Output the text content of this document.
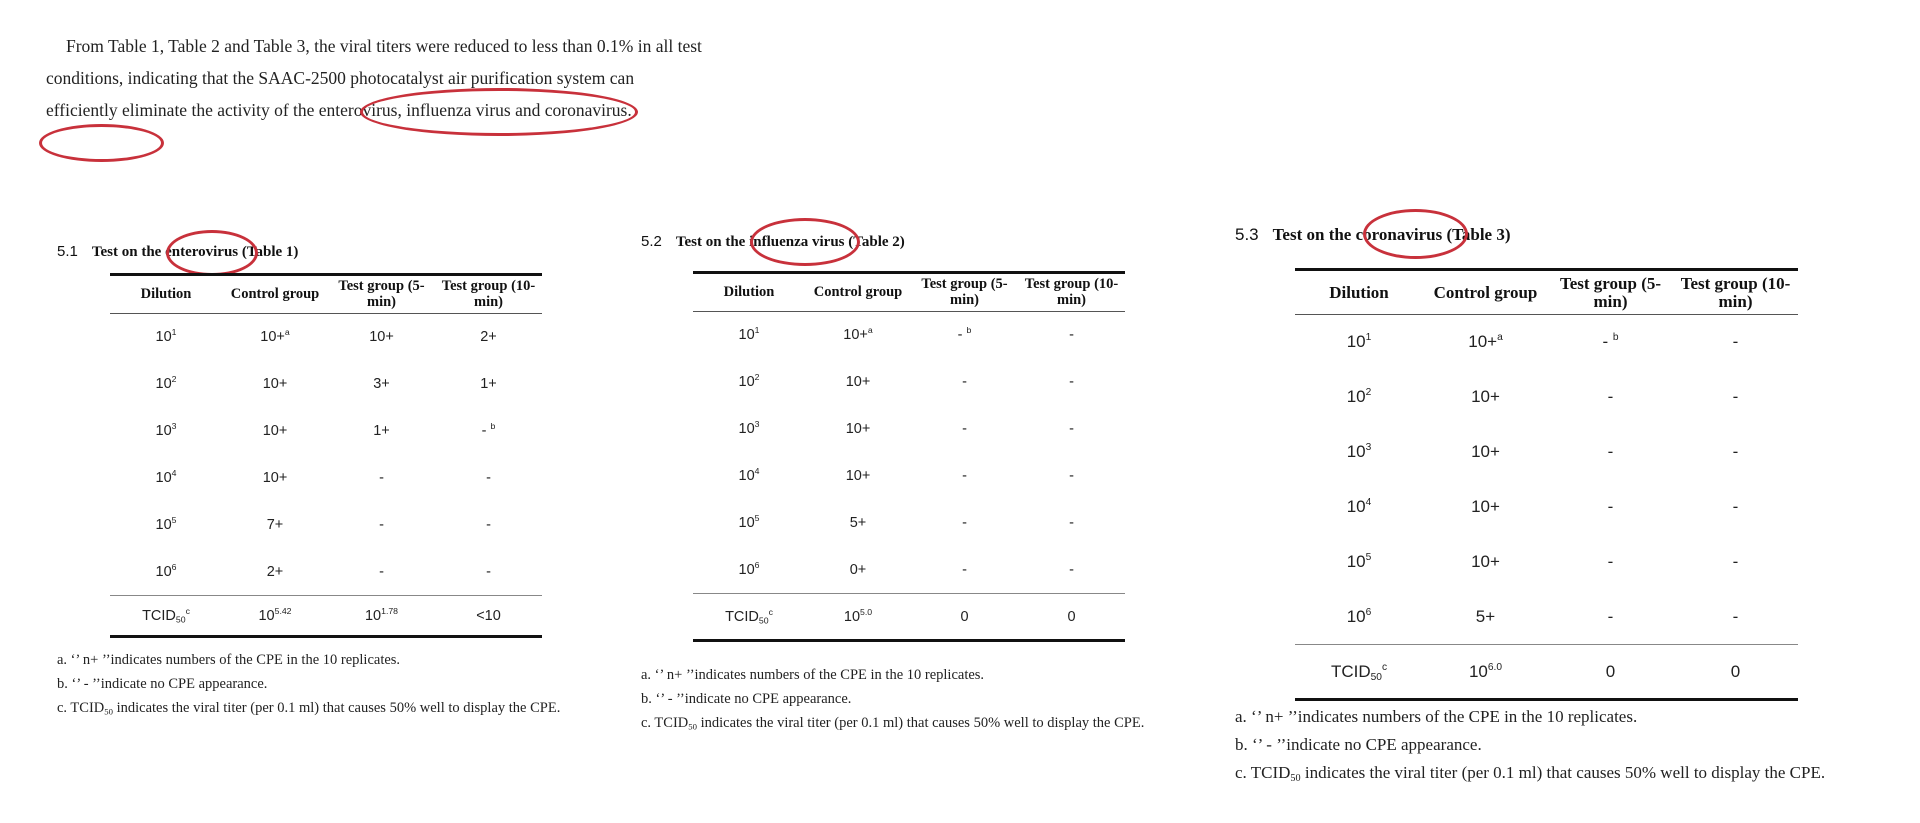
From Table 1, Table 2 and Table 3, the viral titers were reduced to less than 0.1% in all test conditions, indicating that the SAAC-2500 photocatalyst air purification system can efficiently eliminate the activity of the enterovirus, influenza virus and coronavirus.

5.1 Test on the enterovirus (Table 1)
Dilution	Control group	Test group (5-min)	Test group (10-min)
$10^1$	10+$^a$	10+	2+
$10^2$	10+	3+	1+
$10^3$	10+	1+	- $^b$
$10^4$	10+	-	-
$10^5$	7+	-	-
$10^6$	2+	-	-
$TCID_{50}^c$	$10^{5.42}$	$10^{1.78}$	<10
a. ‘’ n+ ’’indicates numbers of the CPE in the 10 replicates.
b. ‘’ - ’’indicate no CPE appearance.
c. $TCID_{50}$ indicates the viral titer (per 0.1 ml) that causes 50% well to display the CPE.
5.2 Test on the influenza virus (Table 2)
Dilution	Control group	Test group (5-min)	Test group (10-min)
$10^1$	10+$^a$	- $^b$	-
$10^2$	10+	-	-
$10^3$	10+	-	-
$10^4$	10+	-	-
$10^5$	5+	-	-
$10^6$	0+	-	-
$TCID_{50}^c$	$10^{5.0}$	0	0
a. ‘’ n+ ’’indicates numbers of the CPE in the 10 replicates.
b. ‘’ - ’’indicate no CPE appearance.
c. $TCID_{50}$ indicates the viral titer (per 0.1 ml) that causes 50% well to display the CPE.
5.3 Test on the coronavirus (Table 3)
Dilution	Control group	Test group (5-min)	Test group (10-min)
$10^1$	10+$^a$	- $^b$	-
$10^2$	10+	-	-
$10^3$	10+	-	-
$10^4$	10+	-	-
$10^5$	10+	-	-
$10^6$	5+	-	-
$TCID_{50}^c$	$10^{6.0}$	0	0
a. ‘’ n+ ’’indicates numbers of the CPE in the 10 replicates.
b. ‘’ - ’’indicate no CPE appearance.
c. $TCID_{50}$ indicates the viral titer (per 0.1 ml) that causes 50% well to display the CPE.
